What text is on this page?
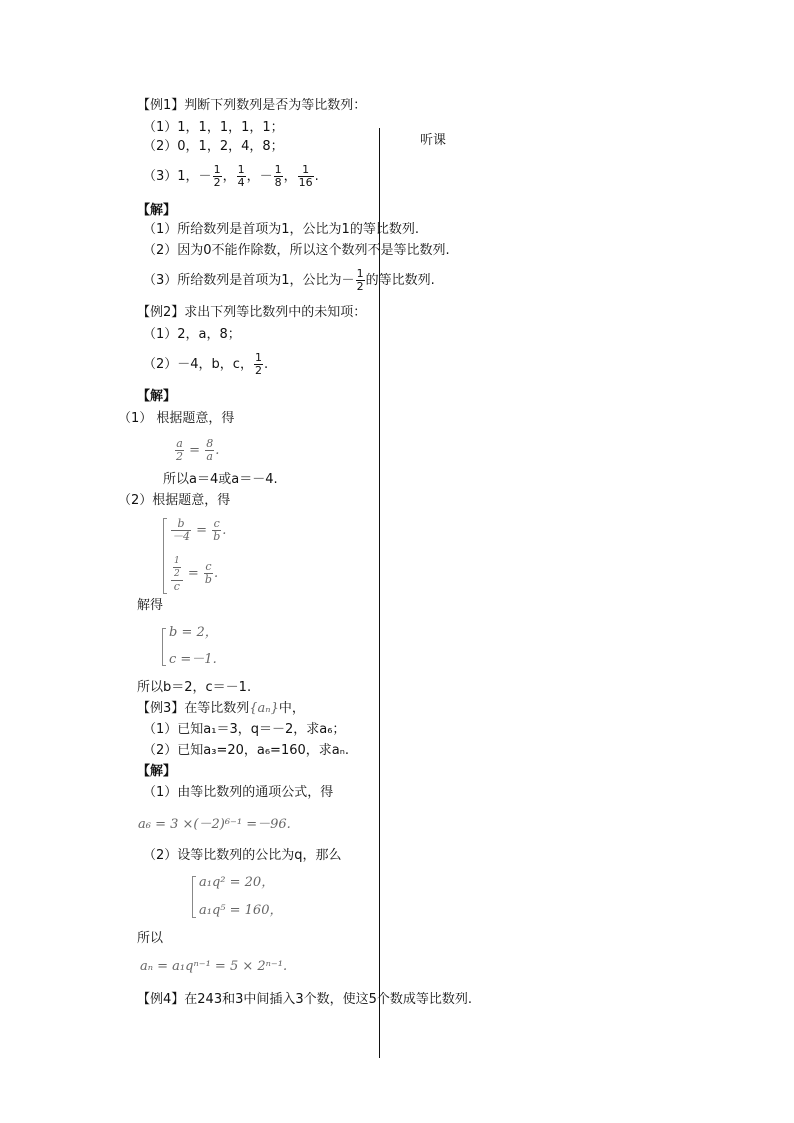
听课
【例1】判断下列数列是否为等比数列：
（1）1，1，1，1，1；
（2）0，1，2，4，8；
（3）1，－ $\frac{1}{2}$ ， $\frac{1}{4}$ ，－ $\frac{1}{8}$ ， $\frac{1}{16}$ .
【解】
（1）所给数列是首项为1，公比为1的等比数列.
（2）因为0不能作除数，所以这个数列不是等比数列.
（3）所给数列是首项为1，公比为－ $\frac{1}{2}$ 的等比数列.
【例2】求出下列等比数列中的未知项：
（1）2，a，8；
（2）－4，b，c， $\frac{1}{2}$ .
【解】
（1） 根据题意，得
$\frac{a}{2} = \frac{8}{a}$ .
所以a＝4或a＝－4.
（2）根据题意，得
$\frac{b}{-4} = \frac{c}{b}$ .
$\frac{\frac{1}{2}}{c} = \frac{c}{b}$ .
解得
b = 2，
c =－1.
所以b＝2，c＝－1.
【例3】在等比数列{aₙ}中，
（1）已知a₁＝3，q＝－2，求a₆；
（2）已知a₃=20，a₆=160，求aₙ.
【解】
（1）由等比数列的通项公式，得
a₆ = 3 ×(－2)⁶⁻¹ =－96.
（2）设等比数列的公比为q，那么
a₁q² = 20，
a₁q⁵ = 160，
所以
aₙ = a₁qⁿ⁻¹ = 5 × 2ⁿ⁻¹.
【例4】在243和3中间插入3个数，使这5个数成等比数列.
